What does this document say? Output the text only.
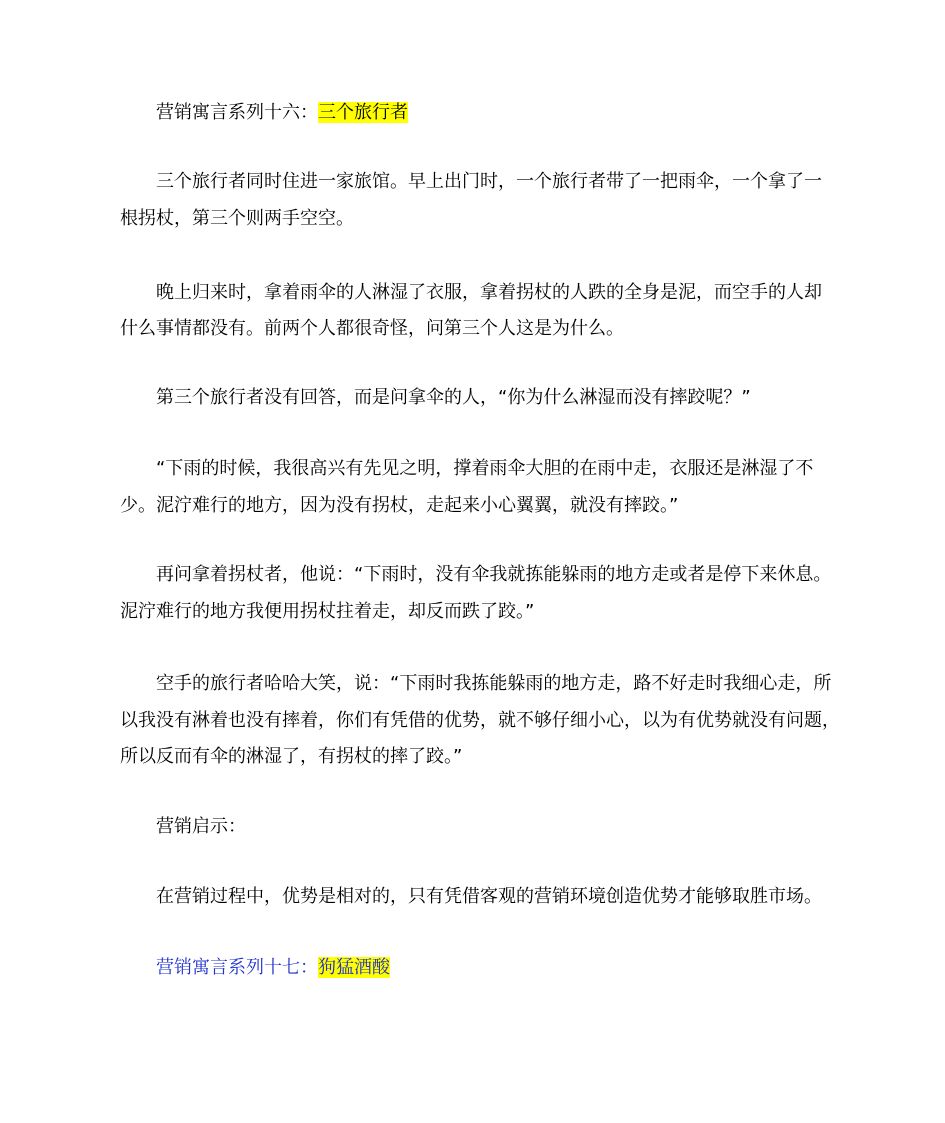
营销寓言系列十六：三个旅行者
三个旅行者同时住进一家旅馆。早上出门时，一个旅行者带了一把雨伞，一个拿了一
根拐杖，第三个则两手空空。
晚上归来时，拿着雨伞的人淋湿了衣服，拿着拐杖的人跌的全身是泥，而空手的人却
什么事情都没有。前两个人都很奇怪，问第三个人这是为什么。
第三个旅行者没有回答，而是问拿伞的人，“你为什么淋湿而没有摔跤呢？”
“下雨的时候，我很高兴有先见之明，撑着雨伞大胆的在雨中走，衣服还是淋湿了不
少。泥泞难行的地方，因为没有拐杖，走起来小心翼翼，就没有摔跤。”
再问拿着拐杖者，他说：“下雨时，没有伞我就拣能躲雨的地方走或者是停下来休息。
泥泞难行的地方我便用拐杖拄着走，却反而跌了跤。”
空手的旅行者哈哈大笑，说：“下雨时我拣能躲雨的地方走，路不好走时我细心走，所
以我没有淋着也没有摔着，你们有凭借的优势，就不够仔细小心，以为有优势就没有问题，
所以反而有伞的淋湿了，有拐杖的摔了跤。”
营销启示：
在营销过程中，优势是相对的，只有凭借客观的营销环境创造优势才能够取胜市场。
营销寓言系列十七：狗猛酒酸
